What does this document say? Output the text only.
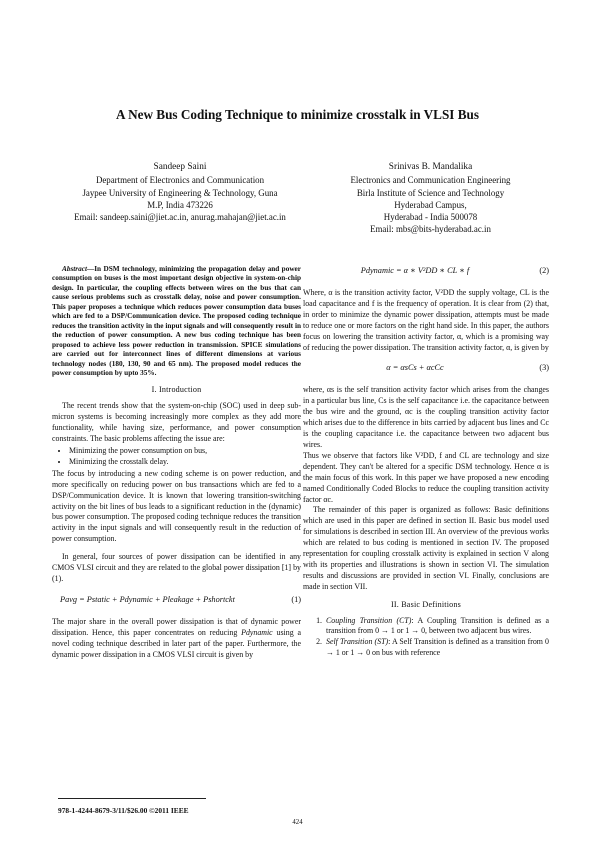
A New Bus Coding Technique to minimize crosstalk in VLSI Bus
Sandeep Saini
Department of Electronics and Communication
Jaypee University of Engineering & Technology, Guna
M.P, India 473226
Email: sandeep.saini@jiet.ac.in, anurag.mahajan@jiet.ac.in
Srinivas B. Mandalika
Electronics and Communication Engineering
Birla Institute of Science and Technology
Hyderabad Campus,
Hyderabad - India 500078
Email: mbs@bits-hyderabad.ac.in

Abstract—In DSM technology, minimizing the propagation delay and power consumption on buses is the most important design objective in system-on-chip design. In particular, the coupling effects between wires on the bus that can cause serious problems such as crosstalk delay, noise and power consumption. This paper proposes a technique which reduces power consumption data buses which are fed to a DSP/Communication device. The proposed coding technique reduces the transition activity in the input signals and will consequently result in the reduction of power consumption. A new bus coding technique has been proposed to achieve less power reduction in transmission. SPICE simulations are carried out for interconnect lines of different dimensions at various technology nodes (180, 130, 90 and 65 nm). The proposed model reduces the power consumption by upto 35%.

I. Introduction

The recent trends show that the system-on-chip (SOC) used in deep sub-micron systems is becoming increasingly more complex as they add more functionality, while having size, performance, and power consumption constraints. The basic problems affecting the issue are:

• Minimizing the power consumption on bus,
• Minimizing the crosstalk delay.

The focus by introducing a new coding scheme is on power reduction, and more specifically on reducing power on bus transactions which are fed to a DSP/Communication device. It is known that lowering transition-switching activity on the bit lines of bus leads to a significant reduction in the (dynamic) bus power consumption. The proposed coding technique reduces the transition activity in the input signals and will consequently result in the reduction of power consumption.

In general, four sources of power dissipation can be identified in any CMOS VLSI circuit and they are related to the global power dissipation [1] by (1).

Pavg = Pstatic + Pdynamic + Pleakage + Pshortckt	(1)

The major share in the overall power dissipation is that of dynamic power dissipation. Hence, this paper concentrates on reducing Pdynamic using a novel coding technique described in later part of the paper. Furthermore, the dynamic power dissipation in a CMOS VLSI circuit is given by

Pdynamic = α ∗ V²DD ∗ CL ∗ f	(2)

Where, α is the transition activity factor, V²DD the supply voltage, CL is the load capacitance and f is the frequency of operation. It is clear from (2) that, in order to minimize the dynamic power dissipation, attempts must be made to reduce one or more factors on the right hand side. In this paper, the authors focus on lowering the transition activity factor, α, which is a promising way of reducing the power dissipation. The transition activity factor, α, is given by

α = αsCs + αcCc	(3)

where, αs is the self transition activity factor which arises from the changes in a particular bus line, Cs is the self capacitance i.e. the capacitance between the bus wire and the ground, αc is the coupling transition activity factor which arises due to the difference in bits carried by adjacent bus lines and Cc is the coupling capacitance i.e. the capacitance between two adjacent bus wires.

Thus we observe that factors like V²DD, f and CL are technology and size dependent. They can't be altered for a specific DSM technology. Hence α is the main focus of this work. In this paper we have proposed a new encoding named Conditionally Coded Blocks to reduce the coupling transition activity factor αc.

The remainder of this paper is organized as follows: Basic definitions which are used in this paper are defined in section II. Basic bus model used for simulations is described in section III. An overview of the previous works which are related to bus coding is mentioned in section IV. The proposed representation for coupling crosstalk activity is explained in section V along with its properties and illustrations is shown in section VI. The simulation results and discussions are provided in section VI. Finally, conclusions are made in section VII.

II. Basic Definitions
1. Coupling Transition (CT): A Coupling Transition is defined as a transition from 0 → 1 or 1 → 0, between two adjacent bus wires.
2. Self Transition (ST): A Self Transition is defined as a transition from 0 → 1 or 1 → 0 on bus with reference
978-1-4244-8679-3/11/$26.00 ©2011 IEEE
424
